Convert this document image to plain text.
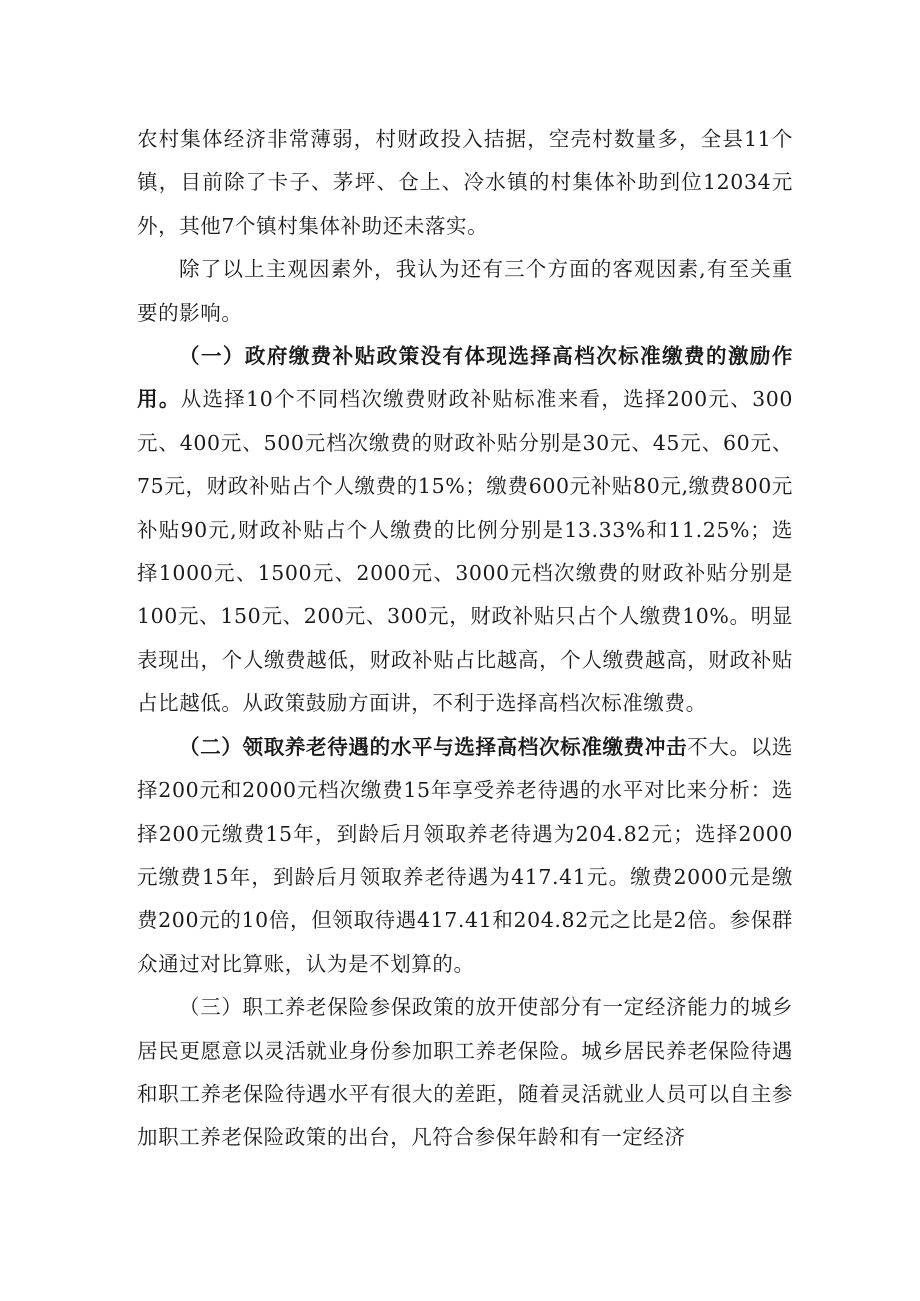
农村集体经济非常薄弱，村财政投入拮据，空壳村数量多，全县11个镇，目前除了卡子、茅坪、仓上、冷水镇的村集体补助到位12034元外，其他7个镇村集体补助还未落实。

除了以上主观因素外，我认为还有三个方面的客观因素,有至关重要的影响。

（一）政府缴费补贴政策没有体现选择高档次标准缴费的激励作用。从选择10个不同档次缴费财政补贴标准来看，选择200元、300元、400元、500元档次缴费的财政补贴分别是30元、45元、60元、75元，财政补贴占个人缴费的15%；缴费600元补贴80元,缴费800元补贴90元,财政补贴占个人缴费的比例分别是13.33%和11.25%；选择1000元、1500元、2000元、3000元档次缴费的财政补贴分别是100元、150元、200元、300元，财政补贴只占个人缴费10%。明显表现出，个人缴费越低，财政补贴占比越高，个人缴费越高，财政补贴占比越低。从政策鼓励方面讲，不利于选择高档次标准缴费。

（二）领取养老待遇的水平与选择高档次标准缴费冲击不大。以选择200元和2000元档次缴费15年享受养老待遇的水平对比来分析：选择200元缴费15年，到龄后月领取养老待遇为204.82元；选择2000元缴费15年，到龄后月领取养老待遇为417.41元。缴费2000元是缴费200元的10倍，但领取待遇417.41和204.82元之比是2倍。参保群众通过对比算账，认为是不划算的。

（三）职工养老保险参保政策的放开使部分有一定经济能力的城乡居民更愿意以灵活就业身份参加职工养老保险。城乡居民养老保险待遇和职工养老保险待遇水平有很大的差距，随着灵活就业人员可以自主参加职工养老保险政策的出台，凡符合参保年龄和有一定经济
